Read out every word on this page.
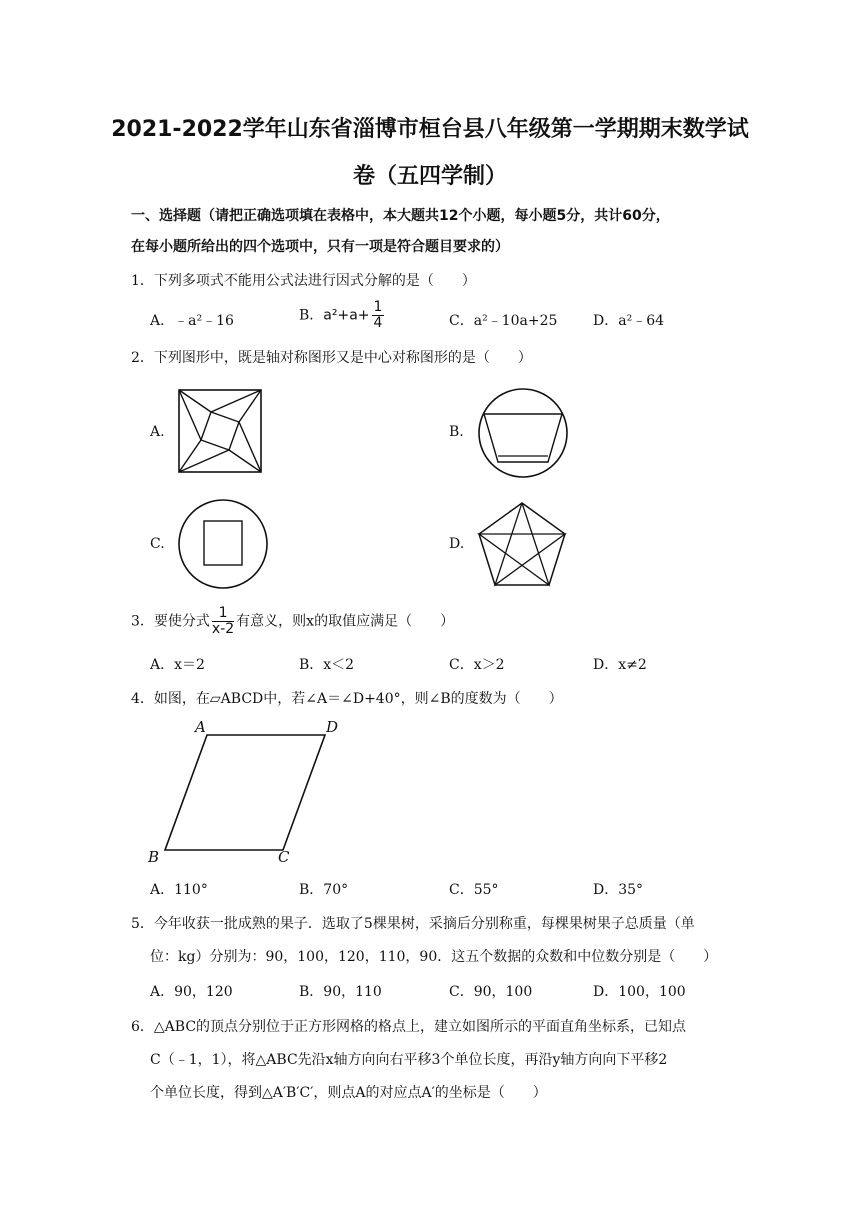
2021-2022学年山东省淄博市桓台县八年级第一学期期末数学试
卷（五四学制）
一、选择题（请把正确选项填在表格中，本大题共12个小题，每小题5分，共计60分，
在每小题所给出的四个选项中，只有一项是符合题目要求的）
1．下列多项式不能用公式法进行因式分解的是（　　）
A．﹣a²﹣16	B．$a^2+a+ \frac{1}{4}$	C．a²﹣10a+25	D．a²﹣64
2．下列图形中，既是轴对称图形又是中心对称图形的是（　　）
A.	B.
C.	D.
3．要使分式 $\frac{1}{x-2}$ 有意义，则x的取值应满足（　　）
A．x＝2	B．x＜2	C．x＞2	D．x≠2
4．如图，在▱ABCD中，若∠A＝∠D+40°，则∠B的度数为（　　）
A	D
B	C
A．110°	B．70°	C．55°	D．35°
5．今年收获一批成熟的果子．选取了5棵果树，采摘后分别称重，每棵果树果子总质量（单
位：kg）分别为：90，100，120，110，90．这五个数据的众数和中位数分别是（　　）
A．90，120	B．90，110	C．90，100	D．100，100
6．△ABC的顶点分别位于正方形网格的格点上，建立如图所示的平面直角坐标系，已知点
C（﹣1，1），将△ABC先沿x轴方向向右平移3个单位长度，再沿y轴方向向下平移2
个单位长度，得到△A′B′C′，则点A的对应点A′的坐标是（　　）
